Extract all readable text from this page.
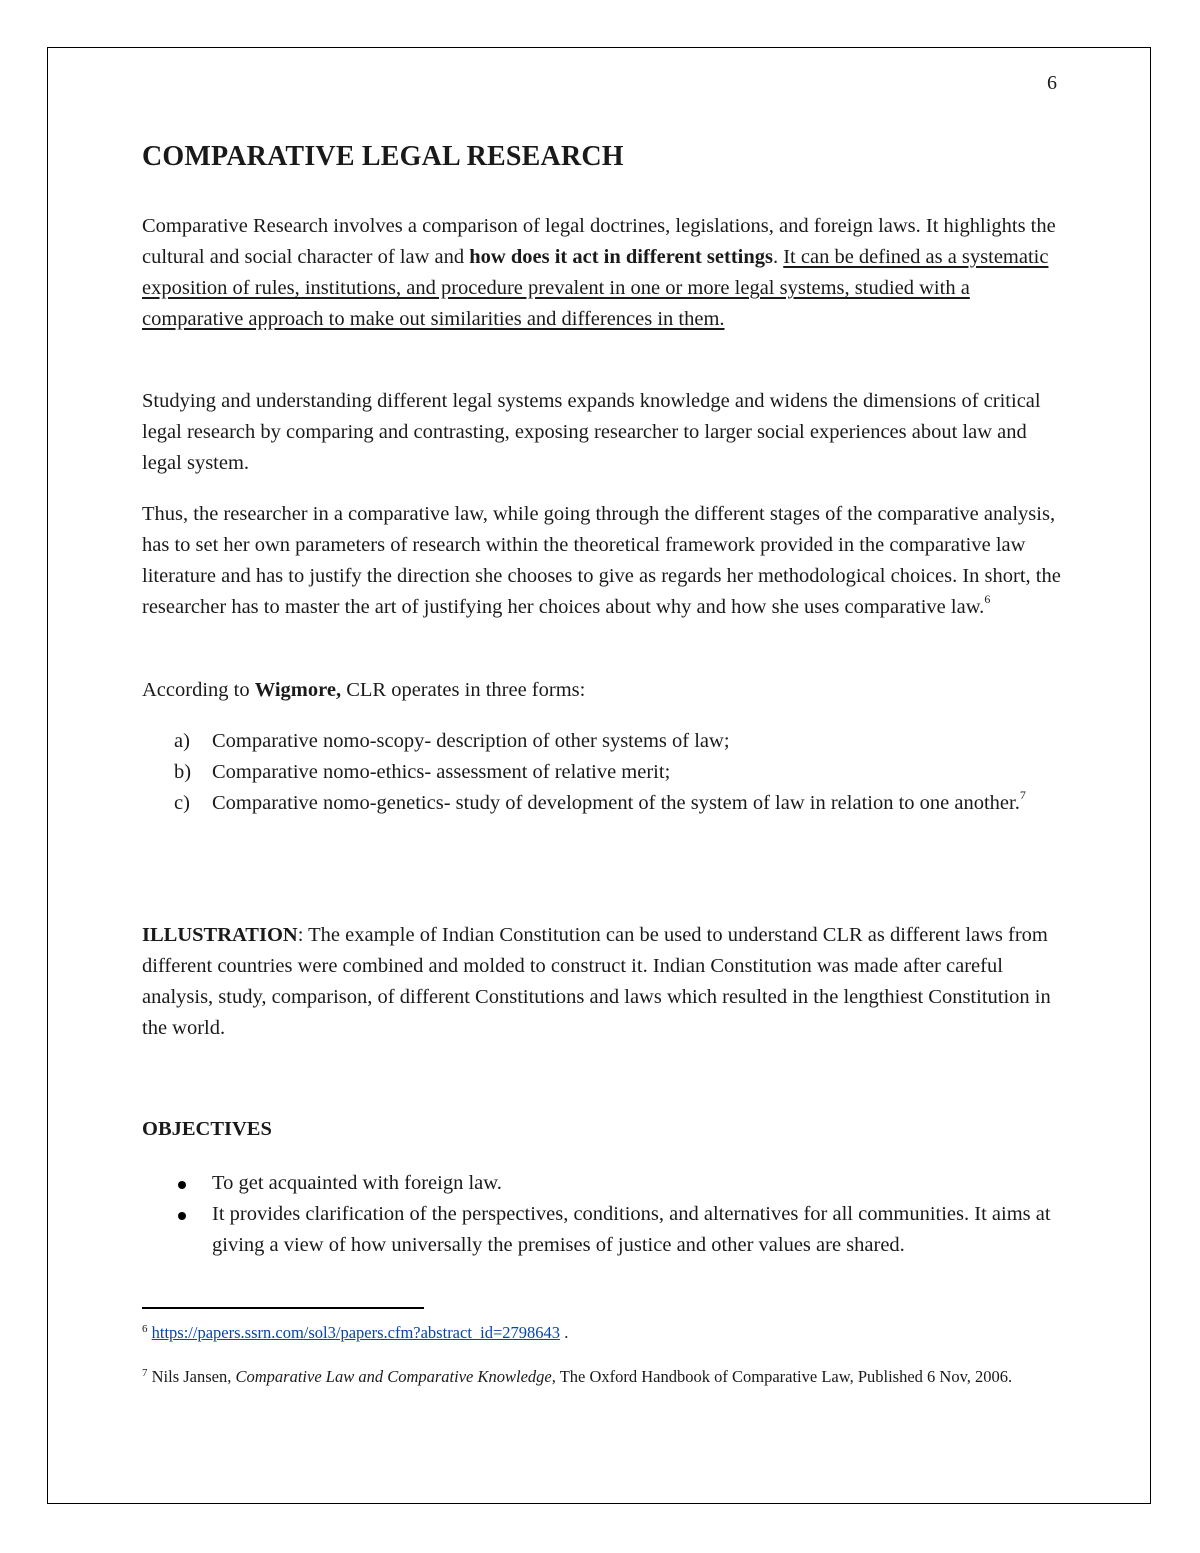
6
COMPARATIVE LEGAL RESEARCH

Comparative Research involves a comparison of legal doctrines, legislations, and foreign laws. It highlights the cultural and social character of law and how does it act in different settings. It can be defined as a systematic exposition of rules, institutions, and procedure prevalent in one or more legal systems, studied with a comparative approach to make out similarities and differences in them.

Studying and understanding different legal systems expands knowledge and widens the dimensions of critical legal research by comparing and contrasting, exposing researcher to larger social experiences about law and legal system.

Thus, the researcher in a comparative law, while going through the different stages of the comparative analysis, has to set her own parameters of research within the theoretical framework provided in the comparative law literature and has to justify the direction she chooses to give as regards her methodological choices. In short, the researcher has to master the art of justifying her choices about why and how she uses comparative law.$^6$

According to Wigmore, CLR operates in three forms:

a) Comparative nomo-scopy- description of other systems of law;
b) Comparative nomo-ethics- assessment of relative merit;
c) Comparative nomo-genetics- study of development of the system of law in relation to one another.$^7$

ILLUSTRATION: The example of Indian Constitution can be used to understand CLR as different laws from different countries were combined and molded to construct it. Indian Constitution was made after careful analysis, study, comparison, of different Constitutions and laws which resulted in the lengthiest Constitution in the world.

OBJECTIVES
To get acquainted with foreign law.
It provides clarification of the perspectives, conditions, and alternatives for all communities. It aims at giving a view of how universally the premises of justice and other values are shared.

$^6$ https://papers.ssrn.com/sol3/papers.cfm?abstract_id=2798643 .

$^7$ Nils Jansen, Comparative Law and Comparative Knowledge, The Oxford Handbook of Comparative Law, Published 6 Nov, 2006.
